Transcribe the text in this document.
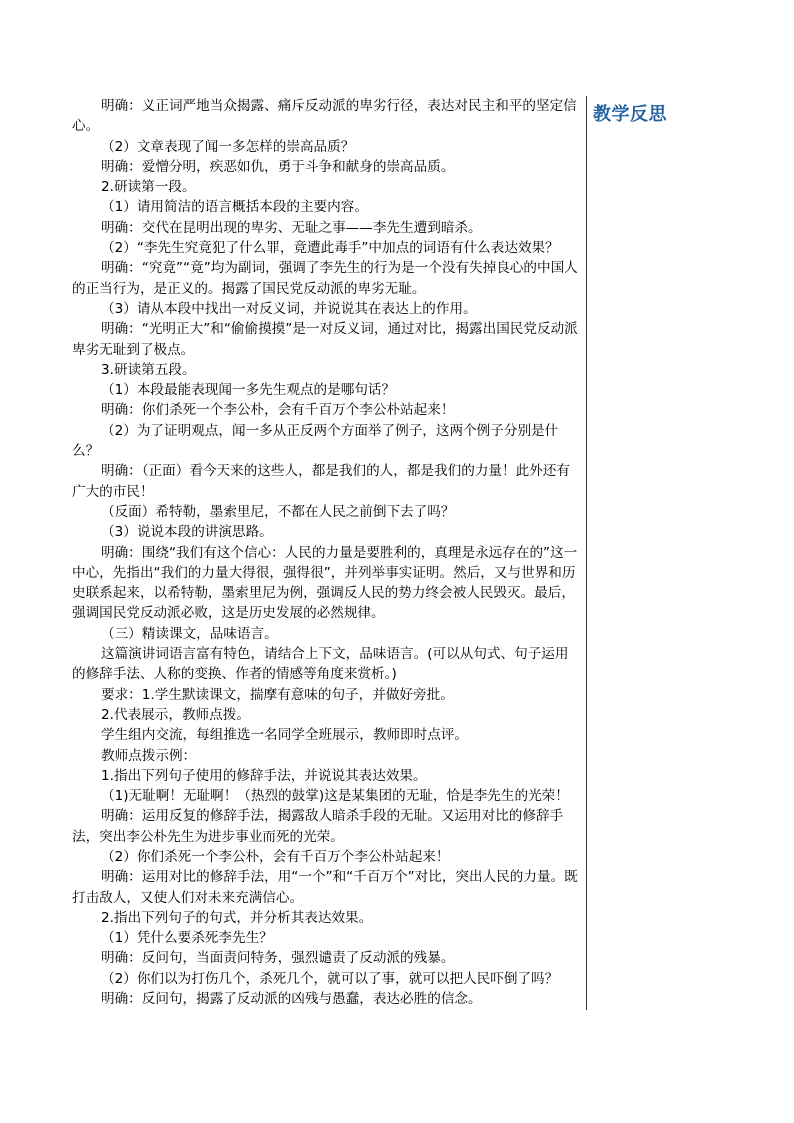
明确：义正词严地当众揭露、痛斥反动派的卑劣行径，表达对民主和平的坚定信心。

（2）文章表现了闻一多怎样的崇高品质？

明确：爱憎分明，疾恶如仇，勇于斗争和献身的崇高品质。

2.研读第一段。

（1）请用简洁的语言概括本段的主要内容。

明确：交代在昆明出现的卑劣、无耻之事——李先生遭到暗杀。

（2）“李先生究竟犯了什么罪，竟遭此毒手”中加点的词语有什么表达效果？

明确：“究竟”“竟”均为副词，强调了李先生的行为是一个没有失掉良心的中国人的正当行为，是正义的。揭露了国民党反动派的卑劣无耻。

（3）请从本段中找出一对反义词，并说说其在表达上的作用。

明确：“光明正大”和“偷偷摸摸”是一对反义词，通过对比，揭露出国民党反动派卑劣无耻到了极点。

3.研读第五段。

（1）本段最能表现闻一多先生观点的是哪句话？

明确：你们杀死一个李公朴，会有千百万个李公朴站起来！

（2）为了证明观点，闻一多从正反两个方面举了例子，这两个例子分别是什么？

明确：（正面）看今天来的这些人，都是我们的人，都是我们的力量！此外还有广大的市民！

（反面）希特勒，墨索里尼，不都在人民之前倒下去了吗？

（3）说说本段的讲演思路。

明确：围绕“我们有这个信心：人民的力量是要胜利的，真理是永远存在的”这一中心，先指出“我们的力量大得很，强得很”，并列举事实证明。然后，又与世界和历史联系起来，以希特勒，墨索里尼为例，强调反人民的势力终会被人民毁灭。最后，强调国民党反动派必败，这是历史发展的必然规律。

（三）精读课文，品味语言。

这篇演讲词语言富有特色，请结合上下文，品味语言。(可以从句式、句子运用的修辞手法、人称的变换、作者的情感等角度来赏析。)

要求：1.学生默读课文，揣摩有意味的句子，并做好旁批。

2.代表展示，教师点拨。

学生组内交流，每组推选一名同学全班展示，教师即时点评。

教师点拨示例：

1.指出下列句子使用的修辞手法，并说说其表达效果。

（1)无耻啊！无耻啊！（热烈的鼓掌)这是某集团的无耻，恰是李先生的光荣！

明确：运用反复的修辞手法，揭露敌人暗杀手段的无耻。又运用对比的修辞手法，突出李公朴先生为进步事业而死的光荣。

（2）你们杀死一个李公朴，会有千百万个李公朴站起来！

明确：运用对比的修辞手法，用“一个”和“千百万个”对比，突出人民的力量。既打击敌人，又使人们对未来充满信心。

2.指出下列句子的句式，并分析其表达效果。

（1）凭什么要杀死李先生？

明确：反问句，当面责问特务，强烈谴责了反动派的残暴。

（2）你们以为打伤几个，杀死几个，就可以了事，就可以把人民吓倒了吗？

明确：反问句，揭露了反动派的凶残与愚蠢，表达必胜的信念。

教学反思
